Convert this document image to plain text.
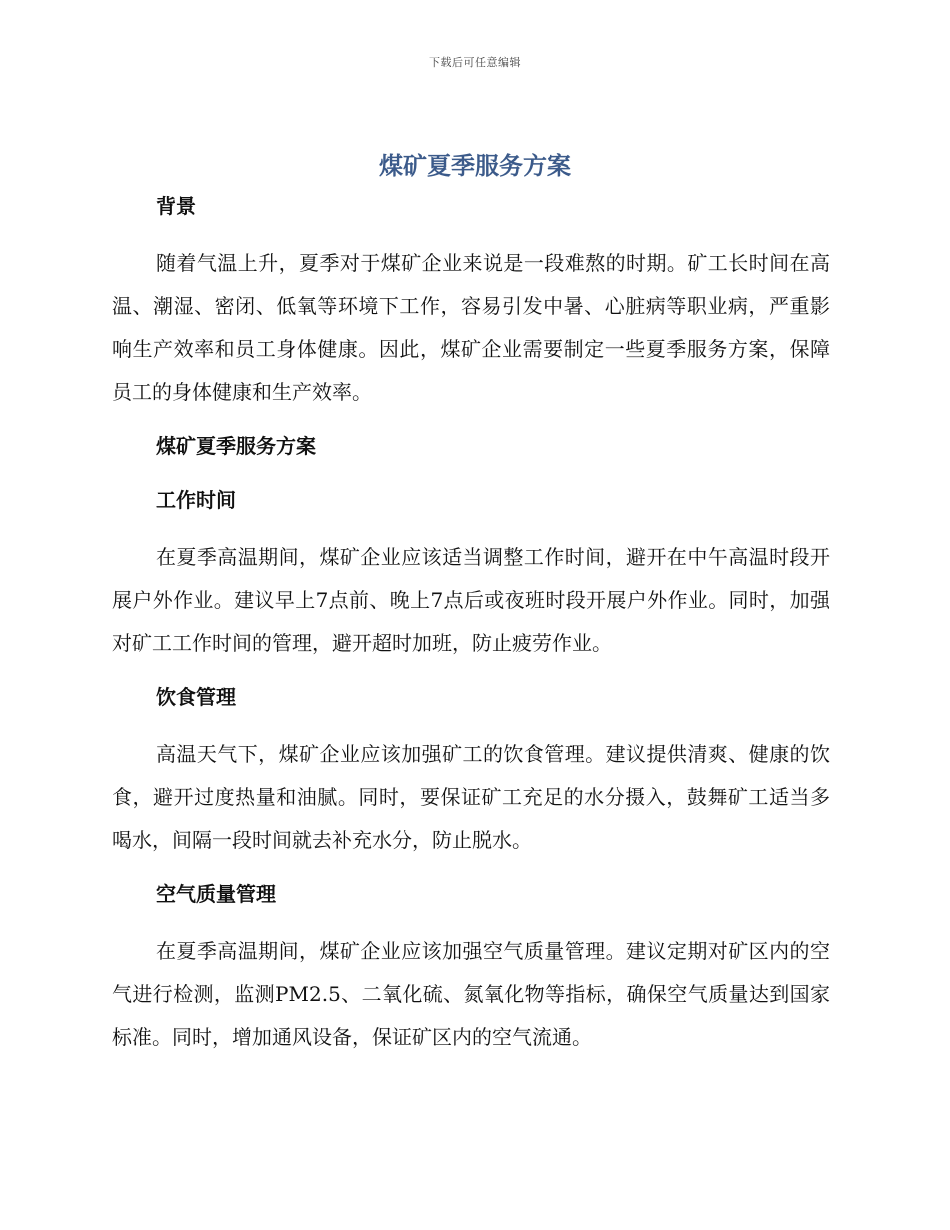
下载后可任意编辑
煤矿夏季服务方案
背景

随着气温上升，夏季对于煤矿企业来说是一段难熬的时期。矿工长时间在高温、潮湿、密闭、低氧等环境下工作，容易引发中暑、心脏病等职业病，严重影响生产效率和员工身体健康。因此，煤矿企业需要制定一些夏季服务方案，保障员工的身体健康和生产效率。

煤矿夏季服务方案
工作时间

在夏季高温期间，煤矿企业应该适当调整工作时间，避开在中午高温时段开展户外作业。建议早上7点前、晚上7点后或夜班时段开展户外作业。同时，加强对矿工工作时间的管理，避开超时加班，防止疲劳作业。

饮食管理

高温天气下，煤矿企业应该加强矿工的饮食管理。建议提供清爽、健康的饮食，避开过度热量和油腻。同时，要保证矿工充足的水分摄入，鼓舞矿工适当多喝水，间隔一段时间就去补充水分，防止脱水。

空气质量管理

在夏季高温期间，煤矿企业应该加强空气质量管理。建议定期对矿区内的空气进行检测，监测PM2.5、二氧化硫、氮氧化物等指标，确保空气质量达到国家标准。同时，增加通风设备，保证矿区内的空气流通。
